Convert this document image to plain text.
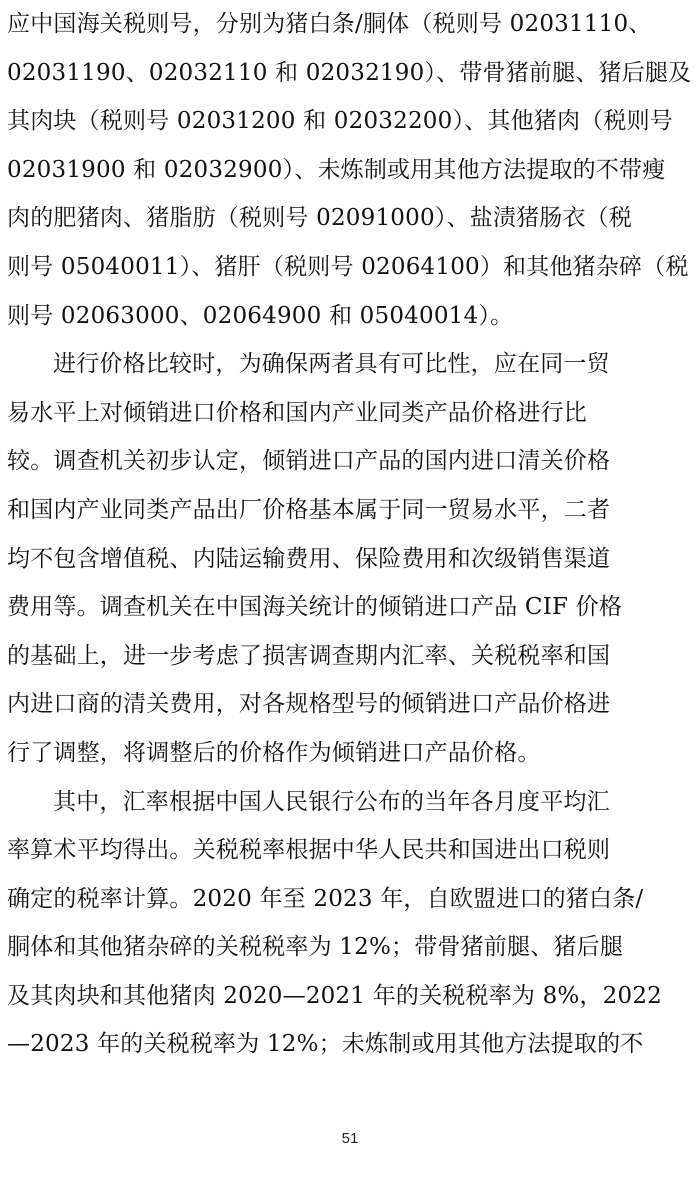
应中国海关税则号，分别为猪白条/胴体（税则号 02031110、
02031190、02032110 和 02032190）、带骨猪前腿、猪后腿及
其肉块（税则号 02031200 和 02032200）、其他猪肉（税则号
02031900 和 02032900）、未炼制或用其他方法提取的不带瘦
肉的肥猪肉、猪脂肪（税则号 02091000）、盐渍猪肠衣（税
则号 05040011）、猪肝（税则号 02064100）和其他猪杂碎（税
则号 02063000、02064900 和 05040014）。
进行价格比较时，为确保两者具有可比性，应在同一贸
易水平上对倾销进口价格和国内产业同类产品价格进行比
较。调查机关初步认定，倾销进口产品的国内进口清关价格
和国内产业同类产品出厂价格基本属于同一贸易水平，二者
均不包含增值税、内陆运输费用、保险费用和次级销售渠道
费用等。调查机关在中国海关统计的倾销进口产品 CIF 价格
的基础上，进一步考虑了损害调查期内汇率、关税税率和国
内进口商的清关费用，对各规格型号的倾销进口产品价格进
行了调整，将调整后的价格作为倾销进口产品价格。
其中，汇率根据中国人民银行公布的当年各月度平均汇
率算术平均得出。关税税率根据中华人民共和国进出口税则
确定的税率计算。2020 年至 2023 年，自欧盟进口的猪白条/
胴体和其他猪杂碎的关税税率为 12%；带骨猪前腿、猪后腿
及其肉块和其他猪肉 2020—2021 年的关税税率为 8%，2022
—2023 年的关税税率为 12%；未炼制或用其他方法提取的不
51
